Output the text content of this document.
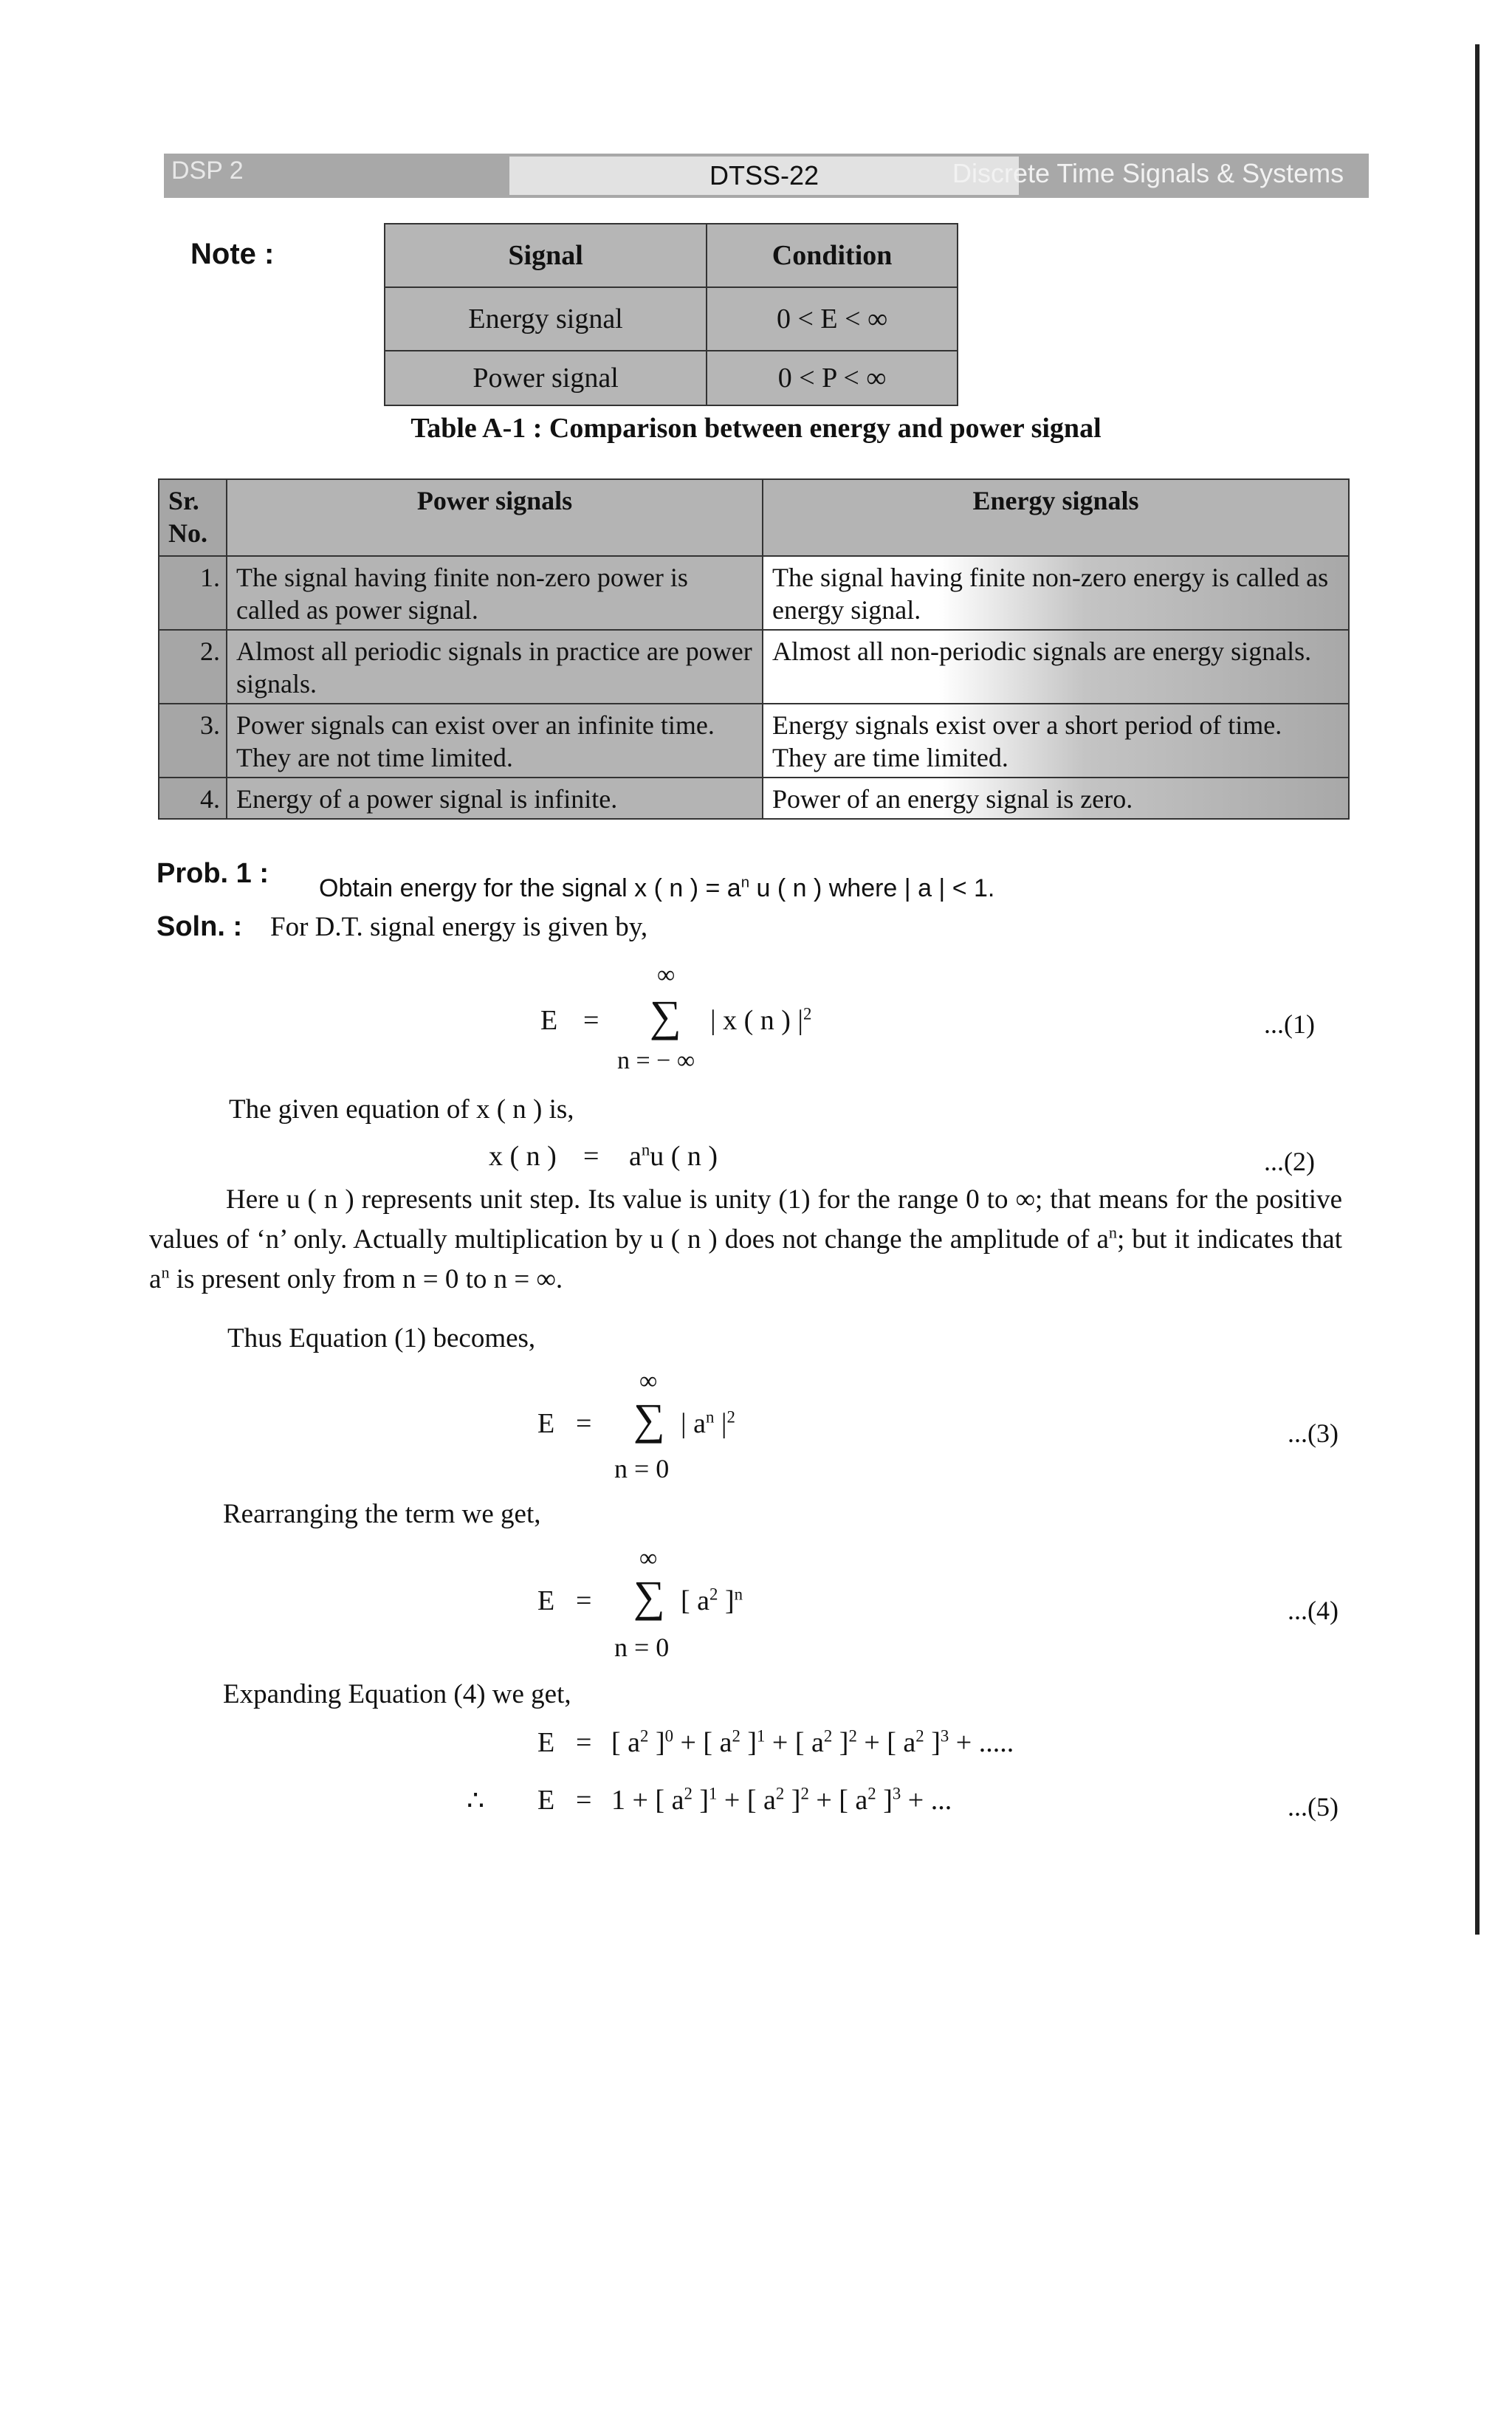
DSP 2	DTSS-22	Discrete Time Signals & Systems
Note :	Signal	Condition
Energy signal	0 < E < ∞
Power signal	0 < P < ∞
Table A-1 : Comparison between energy and power signal
Sr. No.	Power signals	Energy signals
1.	The signal having finite non-zero power is called as power signal.	The signal having finite non-zero energy is called as energy signal.
2.	Almost all periodic signals in practice are power signals.	Almost all non-periodic signals are energy signals.
3.	Power signals can exist over an infinite time. They are not time limited.	Energy signals exist over a short period of time. They are time limited.
4.	Energy of a power signal is infinite.	Power of an energy signal is zero.
Prob. 1 : Obtain energy for the signal x ( n ) = $a^n$ u ( n ) where | a | < 1.
Soln. : For D.T. signal energy is given by,
E =
∞
∑
n = − ∞
| x ( n ) $|^2$	...(1)
The given equation of x ( n ) is,
x ( n ) = $a^nu$ ( n )	...(2)
Here u ( n ) represents unit step. Its value is unity (1) for the range 0 to ∞; that means for the positive values of ‘n’ only. Actually multiplication by u ( n ) does not change the amplitude of $a^n$; but it indicates that $a^n$ is present only from n = 0 to n = ∞.
Thus Equation (1) becomes,
E =
∞
∑
n = 0
| $a^n$ $|^2$
...(3)
Rearranging the term we get,
E =
∞
∑
n = 0
[ $a^2$ ]$^n$
...(4)
Expanding Equation (4) we get,
E = [ $a^2$ ]$^0$ + [ $a^2$ ]$^1$ + [ $a^2$ ]$^2$ + [ $a^2$ ]$^3$ + .....
∴ E = 1 + [ $a^2$ ]$^1$ + [ $a^2$ ]$^2$ + [ $a^2$ ]$^3$ + ...	...(5)
